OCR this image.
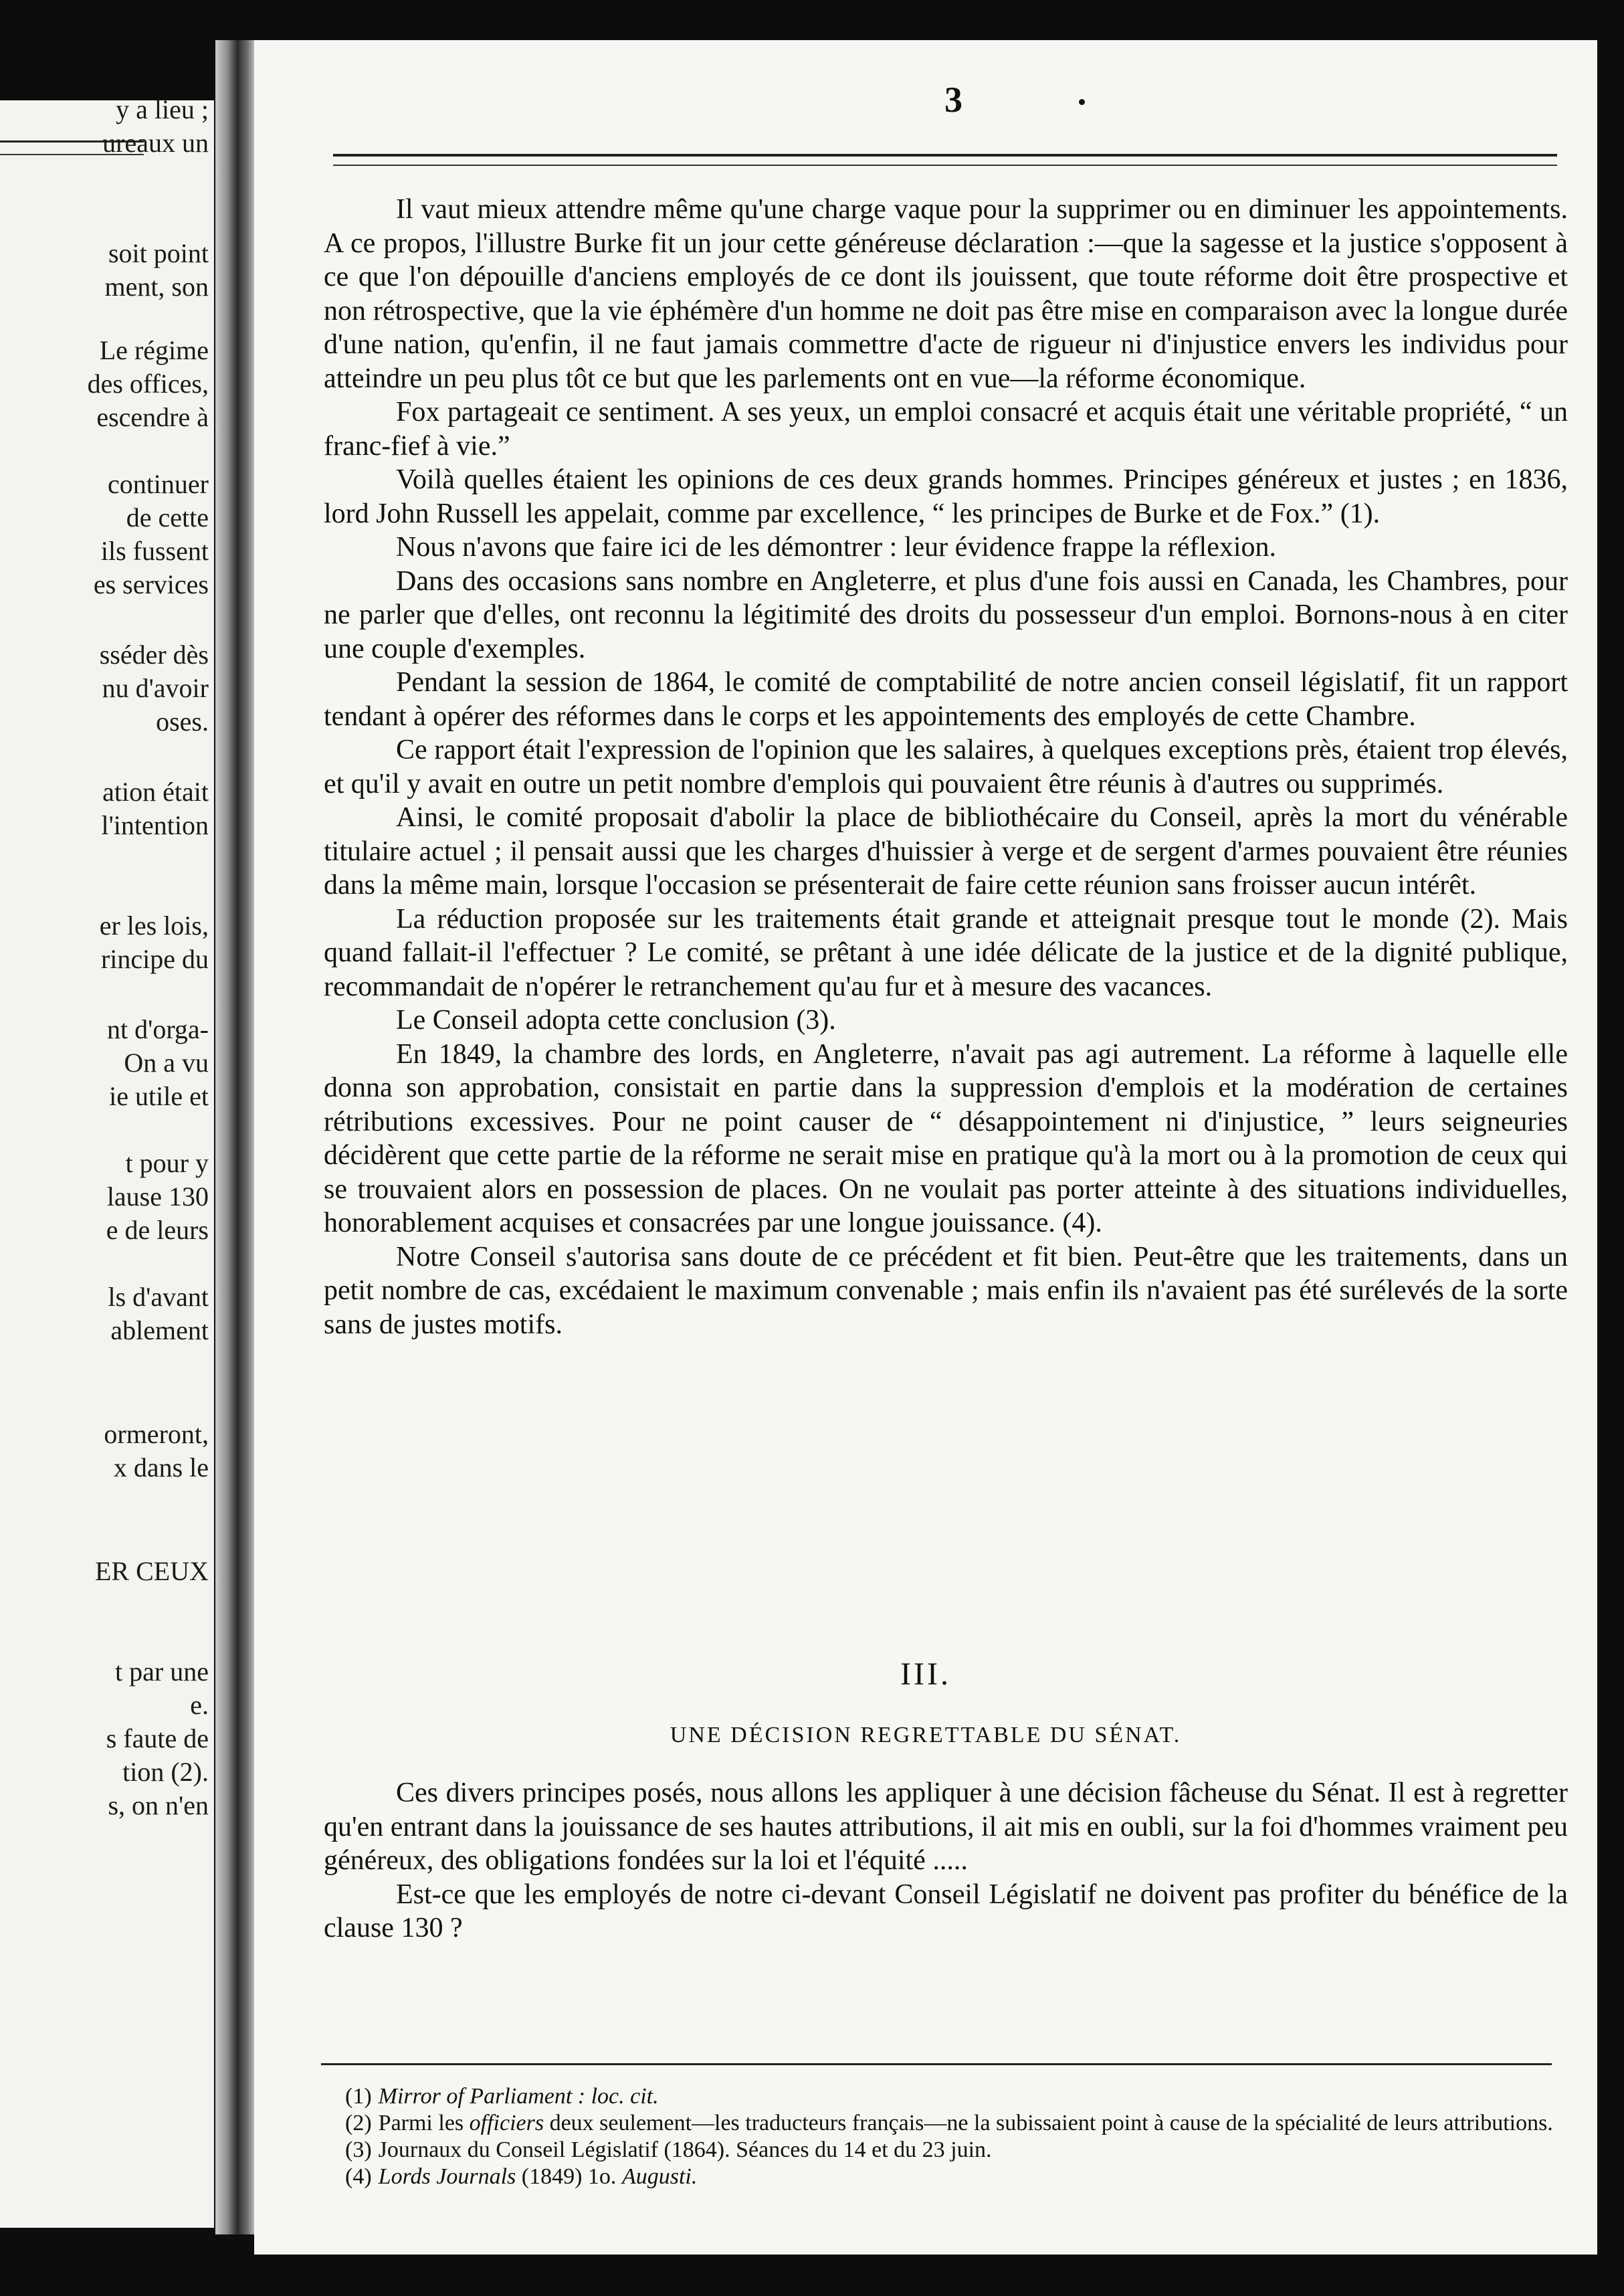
y a lieu ;
ureaux un
soit point
ment, son
Le régime
des offices,
escendre à
continuer
de cette
ils fussent
es services
sséder dès
nu d'avoir
oses.
ation était
l'intention
er les lois,
rincipe du
nt d'orga-
On a vu
ie utile et
t pour y
lause 130
e de leurs
ls d'avant
ablement
ormeront,
x dans le
ER CEUX
t par une
e.
s faute de
tion (2).
s, on n'en
3

Il vaut mieux attendre même qu'une charge vaque pour la supprimer ou en diminuer les appointements. A ce propos, l'illustre Burke fit un jour cette généreuse déclaration :—que la sagesse et la justice s'opposent à ce que l'on dépouille d'anciens employés de ce dont ils jouissent, que toute réforme doit être prospective et non rétrospective, que la vie éphémère d'un homme ne doit pas être mise en comparaison avec la longue durée d'une nation, qu'enfin, il ne faut jamais commettre d'acte de rigueur ni d'injustice envers les individus pour atteindre un peu plus tôt ce but que les parlements ont en vue—la réforme économique.

Fox partageait ce sentiment. A ses yeux, un emploi consacré et acquis était une véritable propriété, “ un franc-fief à vie.”

Voilà quelles étaient les opinions de ces deux grands hommes. Principes généreux et justes ; en 1836, lord John Russell les appelait, comme par excellence, “ les principes de Burke et de Fox.” (1).

Nous n'avons que faire ici de les démontrer : leur évidence frappe la réflexion.

Dans des occasions sans nombre en Angleterre, et plus d'une fois aussi en Canada, les Chambres, pour ne parler que d'elles, ont reconnu la légitimité des droits du possesseur d'un emploi. Bornons-nous à en citer une couple d'exemples.

Pendant la session de 1864, le comité de comptabilité de notre ancien conseil législatif, fit un rapport tendant à opérer des réformes dans le corps et les appointements des employés de cette Chambre.

Ce rapport était l'expression de l'opinion que les salaires, à quelques exceptions près, étaient trop élevés, et qu'il y avait en outre un petit nombre d'emplois qui pouvaient être réunis à d'autres ou supprimés.

Ainsi, le comité proposait d'abolir la place de bibliothécaire du Conseil, après la mort du vénérable titulaire actuel ; il pensait aussi que les charges d'huissier à verge et de sergent d'armes pouvaient être réunies dans la même main, lorsque l'occasion se présenterait de faire cette réunion sans froisser aucun intérêt.

La réduction proposée sur les traitements était grande et atteignait presque tout le monde (2). Mais quand fallait-il l'effectuer ? Le comité, se prêtant à une idée délicate de la justice et de la dignité publique, recommandait de n'opérer le retranchement qu'au fur et à mesure des vacances.

Le Conseil adopta cette conclusion (3).

En 1849, la chambre des lords, en Angleterre, n'avait pas agi autrement. La réforme à laquelle elle donna son approbation, consistait en partie dans la suppression d'emplois et la modération de certaines rétributions excessives. Pour ne point causer de “ désappointement ni d'injustice, ” leurs seigneuries décidèrent que cette partie de la réforme ne serait mise en pratique qu'à la mort ou à la promotion de ceux qui se trouvaient alors en possession de places. On ne voulait pas porter atteinte à des situations individuelles, honorablement acquises et consacrées par une longue jouissance. (4).

Notre Conseil s'autorisa sans doute de ce précédent et fit bien. Peut-être que les traitements, dans un petit nombre de cas, excédaient le maximum convenable ; mais enfin ils n'avaient pas été surélevés de la sorte sans de justes motifs.

III.
UNE DÉCISION REGRETTABLE DU SÉNAT.

Ces divers principes posés, nous allons les appliquer à une décision fâcheuse du Sénat. Il est à regretter qu'en entrant dans la jouissance de ses hautes attributions, il ait mis en oubli, sur la foi d'hommes vraiment peu généreux, des obligations fondées sur la loi et l'équité .....

Est-ce que les employés de notre ci-devant Conseil Législatif ne doivent pas profiter du bénéfice de la clause 130 ?

(1) Mirror of Parliament : loc. cit.

(2) Parmi les officiers deux seulement—les traducteurs français—ne la subissaient point à cause de la spécialité de leurs attributions.

(3) Journaux du Conseil Législatif (1864). Séances du 14 et du 23 juin.

(4) Lords Journals (1849) 1o. Augusti.
